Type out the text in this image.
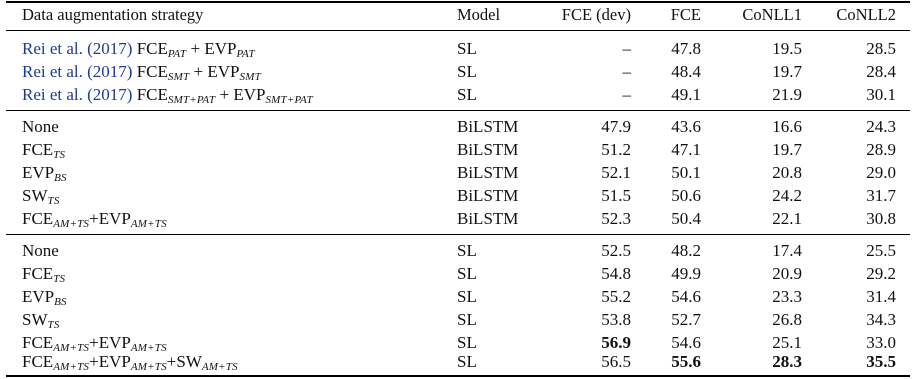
Data augmentation strategy	Model	FCE (dev) FCE	CoNLL1 CoNLL2
Rei et al. (2017) $FCE_{PAT} + EVP_{PAT}$	SL	– 47.8	19.5	28.5
Rei et al. (2017) $FCE_{SMT} + EVP_{SMT}$	SL	– 48.4	19.7	28.4
Rei et al. (2017) $FCE_{SMT+PAT} + EVP_{SMT+PAT}$	SL	– 49.1	21.9	30.1
None	BiLSTM	47.9 43.6	16.6	24.3
$FCE_{TS}$	BiLSTM	51.2 47.1	19.7	28.9
$EVP_{BS}$	BiLSTM	52.1 50.1	20.8	29.0
$SW_{TS}$	BiLSTM	51.5 50.6	24.2	31.7
$FCE_{AM+TS}+EVP_{AM+TS}$	BiLSTM	52.3 50.4	22.1	30.8
None	SL	52.5 48.2	17.4	25.5
$FCE_{TS}$	SL	54.8 49.9	20.9	29.2
$EVP_{BS}$	SL	55.2 54.6	23.3	31.4
$SW_{TS}$	SL	53.8 52.7	26.8	34.3
$FCE_{AM+TS}+EVP_{AM+TS}$	SL	56.9 54.6	25.1	33.0
$FCE_{AM+TS}+EVP_{AM+TS}+SW_{AM+TS}$	SL	56.5 55.6	28.3	35.5
